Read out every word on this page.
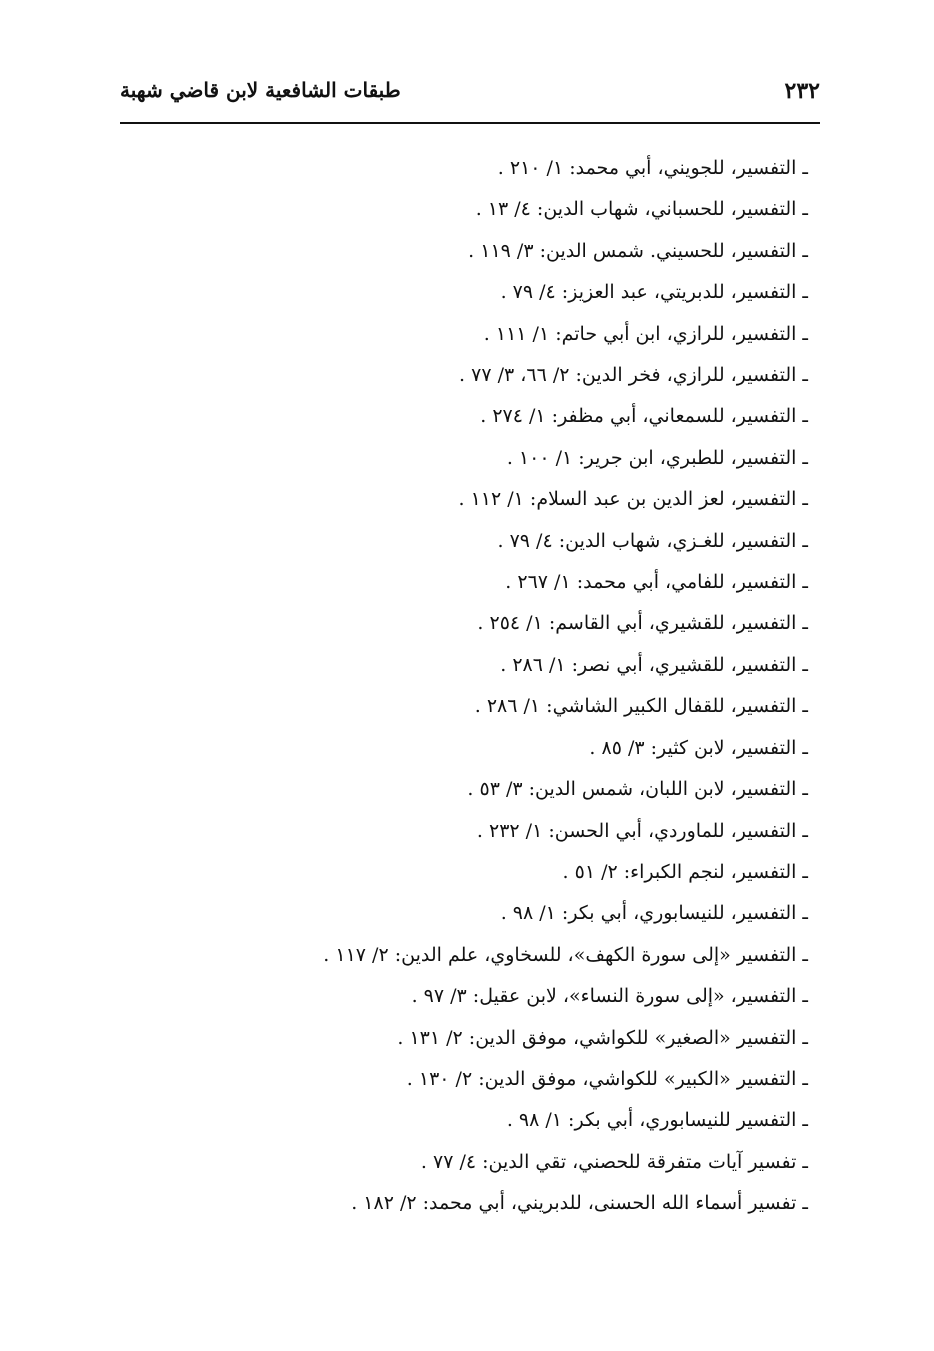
٢٣٢
طبقات الشافعية لابن قاضي شهبة
ـ التفسير، للجويني، أبي محمد: ١/ ٢١٠ .
ـ التفسير، للحسباني، شهاب الدين: ٤/ ١٣ .
ـ التفسير، للحسيني. شمس الدين: ٣/ ١١٩ .
ـ التفسير، للدبريتي، عبد العزيز: ٤/ ٧٩ .
ـ التفسير، للرازي، ابن أبي حاتم: ١/ ١١١ .
ـ التفسير، للرازي، فخر الدين: ٢/ ٦٦، ٣/ ٧٧ .
ـ التفسير، للسمعاني، أبي مظفر: ١/ ٢٧٤ .
ـ التفسير، للطبري، ابن جرير: ١/ ١٠٠ .
ـ التفسير، لعز الدين بن عبد السلام: ١/ ١١٢ .
ـ التفسير، للغـزي، شهاب الدين: ٤/ ٧٩ .
ـ التفسير، للفامي، أبي محمد: ١/ ٢٦٧ .
ـ التفسير، للقشيري، أبي القاسم: ١/ ٢٥٤ .
ـ التفسير، للقشيري، أبي نصر: ١/ ٢٨٦ .
ـ التفسير، للقفال الكبير الشاشي: ١/ ٢٨٦ .
ـ التفسير، لابن كثير: ٣/ ٨٥ .
ـ التفسير، لابن اللبان، شمس الدين: ٣/ ٥٣ .
ـ التفسير، للماوردي، أبي الحسن: ١/ ٢٣٢ .
ـ التفسير، لنجم الكبراء: ٢/ ٥١ .
ـ التفسير، للنيسابوري، أبي بكر: ١/ ٩٨ .
ـ التفسير «إلى سورة الكهف»، للسخاوي، علم الدين: ٢/ ١١٧ .
ـ التفسير، «إلى سورة النساء»، لابن عقيل: ٣/ ٩٧ .
ـ التفسير «الصغير» للكواشي، موفق الدين: ٢/ ١٣١ .
ـ التفسير «الكبير» للكواشي، موفق الدين: ٢/ ١٣٠ .
ـ التفسير للنيسابوري، أبي بكر: ١/ ٩٨ .
ـ تفسير آيات متفرقة للحصني، تقي الدين: ٤/ ٧٧ .
ـ تفسير أسماء الله الحسنى، للدبريني، أبي محمد: ٢/ ١٨٢ .
